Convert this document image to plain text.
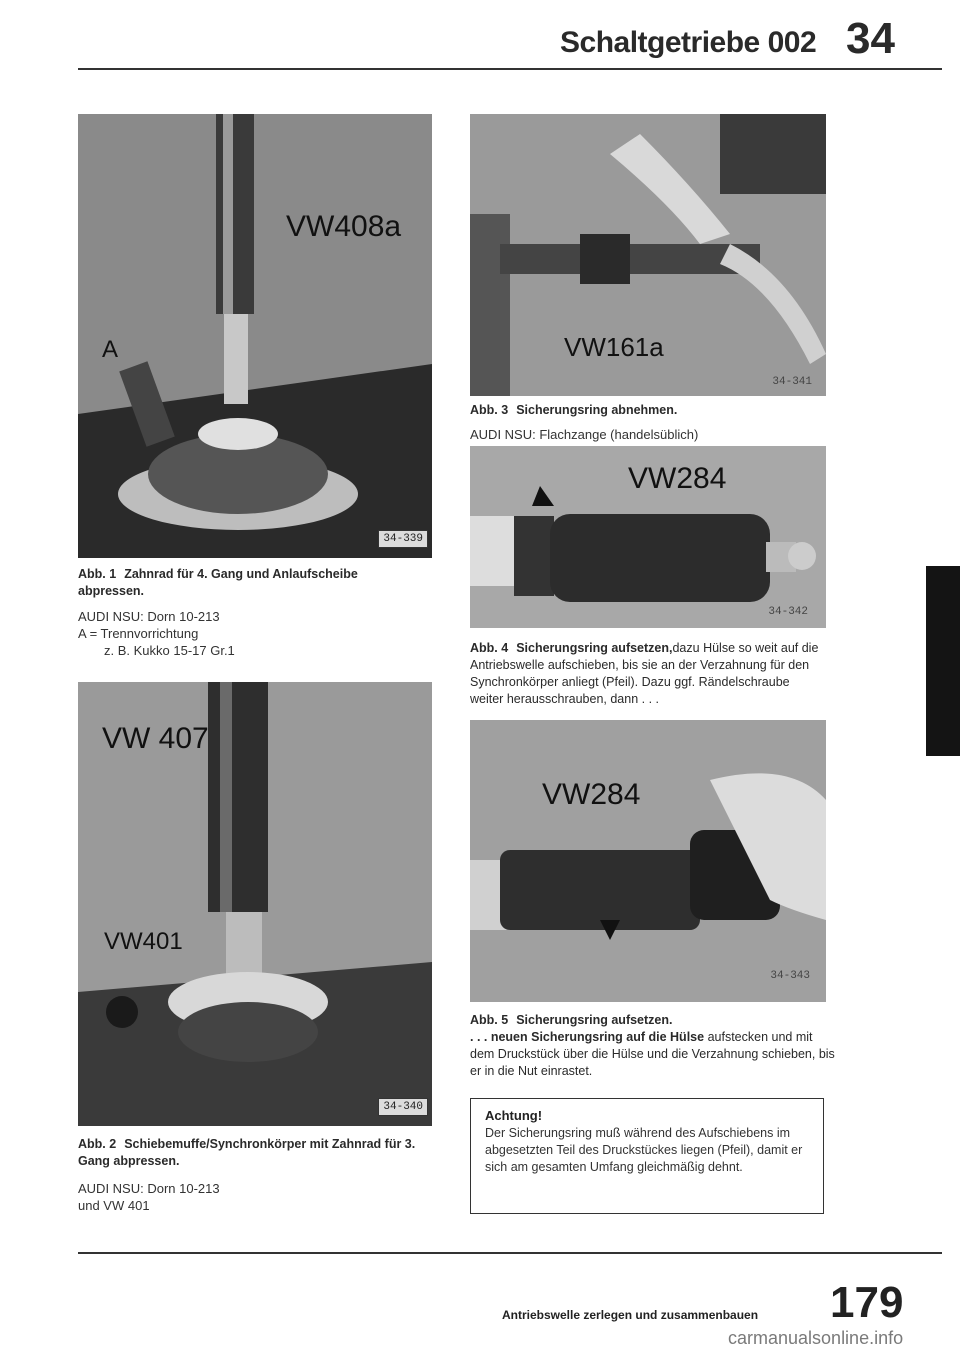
Schaltgetriebe 002 34
VW408a
A
34-339
Abb. 1 Zahnrad für 4. Gang und Anlaufscheibe abpressen.
AUDI NSU: Dorn 10-213
A = Trennvorrichtung
z. B. Kukko 15-17 Gr.1
VW 407
VW401
34-340
Abb. 2 Schiebemuffe/Synchronkörper mit Zahnrad für 3. Gang abpressen.
AUDI NSU: Dorn 10-213
und VW 401
VW161a
34-341
Abb. 3 Sicherungsring abnehmen.
AUDI NSU: Flachzange (handelsüblich)
VW284
34-342
Abb. 4 Sicherungsring aufsetzen,dazu Hülse so weit auf die Antriebswelle aufschieben, bis sie an der Verzahnung für den Synchronkörper anliegt (Pfeil). Dazu ggf. Rändelschraube weiter herausschrauben, dann . . .
VW284
34-343
Abb. 5 Sicherungsring aufsetzen.
. . . neuen Sicherungsring auf die Hülse aufstecken und mit dem Druckstück über die Hülse und die Verzahnung schieben, bis er in die Nut einrastet.
Achtung!
Der Sicherungsring muß während des Aufschiebens im abgesetzten Teil des Druckstückes liegen (Pfeil), damit er sich am gesamten Umfang gleichmäßig dehnt.
Antriebswelle zerlegen und zusammenbauen 179
carmanualsonline.info
